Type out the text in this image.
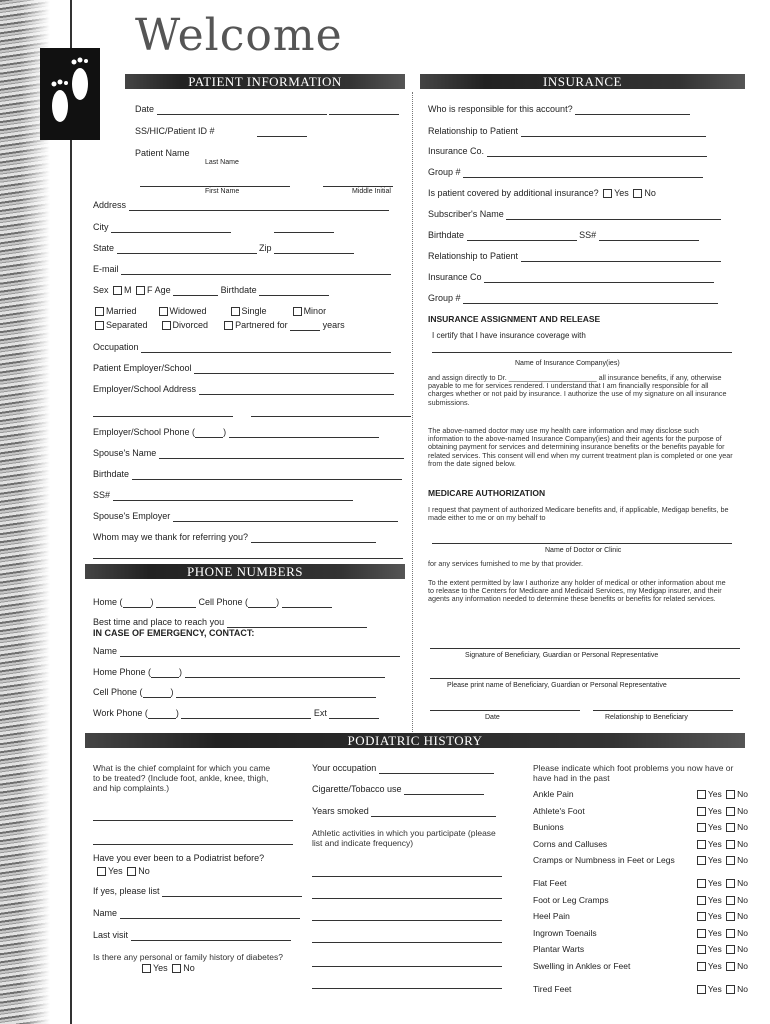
Welcome
PATIENT INFORMATION	INSURANCE
PHONE NUMBERS
PODIATRIC HISTORY
Date
SS/HIC/Patient ID #
Patient Name
Last Name

First Name	Middle Initial
Address
City
State	Zip
E-mail
Sex M F Age	Birthdate
Married	Widowed	Single	Minor
Separated	Divorced	Partnered for	years
Occupation
Patient Employer/School
Employer/School Address

Employer/School Phone (	)
Spouse's Name
Birthdate
SS#
Spouse's Employer
Whom may we thank for referring you?
Home (	)	Cell Phone (	)
Best time and place to reach you
IN CASE OF EMERGENCY, CONTACT:
Name
Home Phone (	)
Cell Phone (	)
Work Phone (	)	Ext
Who is responsible for this account?
Relationship to Patient
Insurance Co.
Group #
Is patient covered by additional insurance? Yes No
Subscriber's Name
Birthdate	SS#
Relationship to Patient
Insurance Co
Group #
INSURANCE ASSIGNMENT AND RELEASE
I certify that I have insurance coverage with
Name of Insurance Company(ies)
and assign directly to Dr. ______________________ all insurance benefits, if any, otherwise payable to me for services rendered. I understand that I am financially responsible for all charges whether or not paid by insurance. I authorize the use of my signature on all insurance submissions.
The above-named doctor may use my health care information and may disclose such information to the above-named Insurance Company(ies) and their agents for the purpose of obtaining payment for services and determining insurance benefits or the benefits payable for related services. This consent will end when my current treatment plan is completed or one year from the date signed below.
MEDICARE AUTHORIZATION
I request that payment of authorized Medicare benefits and, if applicable, Medigap benefits, be made either to me or on my behalf to
Name of Doctor or Clinic
for any services furnished to me by that provider.
To the extent permitted by law I authorize any holder of medical or other information about me to release to the Centers for Medicare and Medicaid Services, my Medigap insurer, and their agents any information needed to determine these benefits or benefits for related services.
Signature of Beneficiary, Guardian or Personal Representative
Please print name of Beneficiary, Guardian or Personal Representative

Date	Relationship to Beneficiary
What is the chief complaint for which you came to be treated? (Include foot, ankle, knee, thigh, and hip complaints.)
Have you ever been to a Podiatrist before?
Yes No
If yes, please list
Name
Last visit
Is there any personal or family history of diabetes?
Yes No
Your occupation
Cigarette/Tobacco use
Years smoked
Athletic activities in which you participate (please list and indicate frequency)
Please indicate which foot problems you now have or have had in the past
Ankle Pain	Yes No
Athlete's Foot	Yes No
Bunions	Yes No
Corns and Calluses	Yes No
Cramps or Numbness in Feet or Legs	Yes No
Flat Feet	Yes No
Foot or Leg Cramps	Yes No
Heel Pain	Yes No
Ingrown Toenails	Yes No
Plantar Warts	Yes No
Swelling in Ankles or Feet	Yes No
Tired Feet	Yes No
